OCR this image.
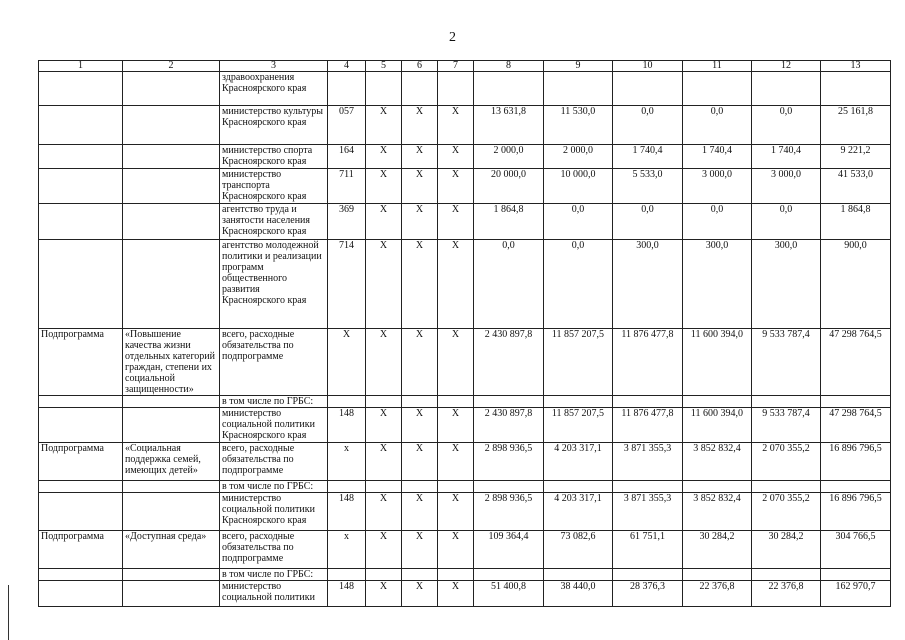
2
1	2	3	4	5	6	7	8	9	10	11	12	13
		здравоохранения Красноярского края										
		министерство культуры Красноярского края	057	Х	Х	Х	13 631,8	11 530,0	0,0	0,0	0,0	25 161,8
		министерство спорта Красноярского края	164	Х	Х	Х	2 000,0	2 000,0	1 740,4	1 740,4	1 740,4	9 221,2
		министерство транспорта Красноярского края	711	Х	Х	Х	20 000,0	10 000,0	5 533,0	3 000,0	3 000,0	41 533,0
		агентство труда и занятости населения Красноярского края	369	Х	Х	Х	1 864,8	0,0	0,0	0,0	0,0	1 864,8
		агентство молодежной политики и реализации программ общественного развития Красноярского края	714	Х	Х	Х	0,0	0,0	300,0	300,0	300,0	900,0
Подпрограмма	«Повышение качества жизни отдельных категорий граждан, степени их социальной защищенности»	всего, расходные обязательства по подпрограмме	Х	Х	Х	Х	2 430 897,8	11 857 207,5	11 876 477,8	11 600 394,0	9 533 787,4	47 298 764,5
		в том числе по ГРБС:										
		министерство социальной политики Красноярского края	148	Х	Х	Х	2 430 897,8	11 857 207,5	11 876 477,8	11 600 394,0	9 533 787,4	47 298 764,5
Подпрограмма	«Социальная поддержка семей, имеющих детей»	всего, расходные обязательства по подпрограмме	х	Х	Х	Х	2 898 936,5	4 203 317,1	3 871 355,3	3 852 832,4	2 070 355,2	16 896 796,5
		в том числе по ГРБС:										
		министерство социальной политики Красноярского края	148	Х	Х	Х	2 898 936,5	4 203 317,1	3 871 355,3	3 852 832,4	2 070 355,2	16 896 796,5
Подпрограмма	«Доступная среда»	всего, расходные обязательства по подпрограмме	х	Х	Х	Х	109 364,4	73 082,6	61 751,1	30 284,2	30 284,2	304 766,5
		в том числе по ГРБС:										
		министерство социальной политики	148	Х	Х	Х	51 400,8	38 440,0	28 376,3	22 376,8	22 376,8	162 970,7
